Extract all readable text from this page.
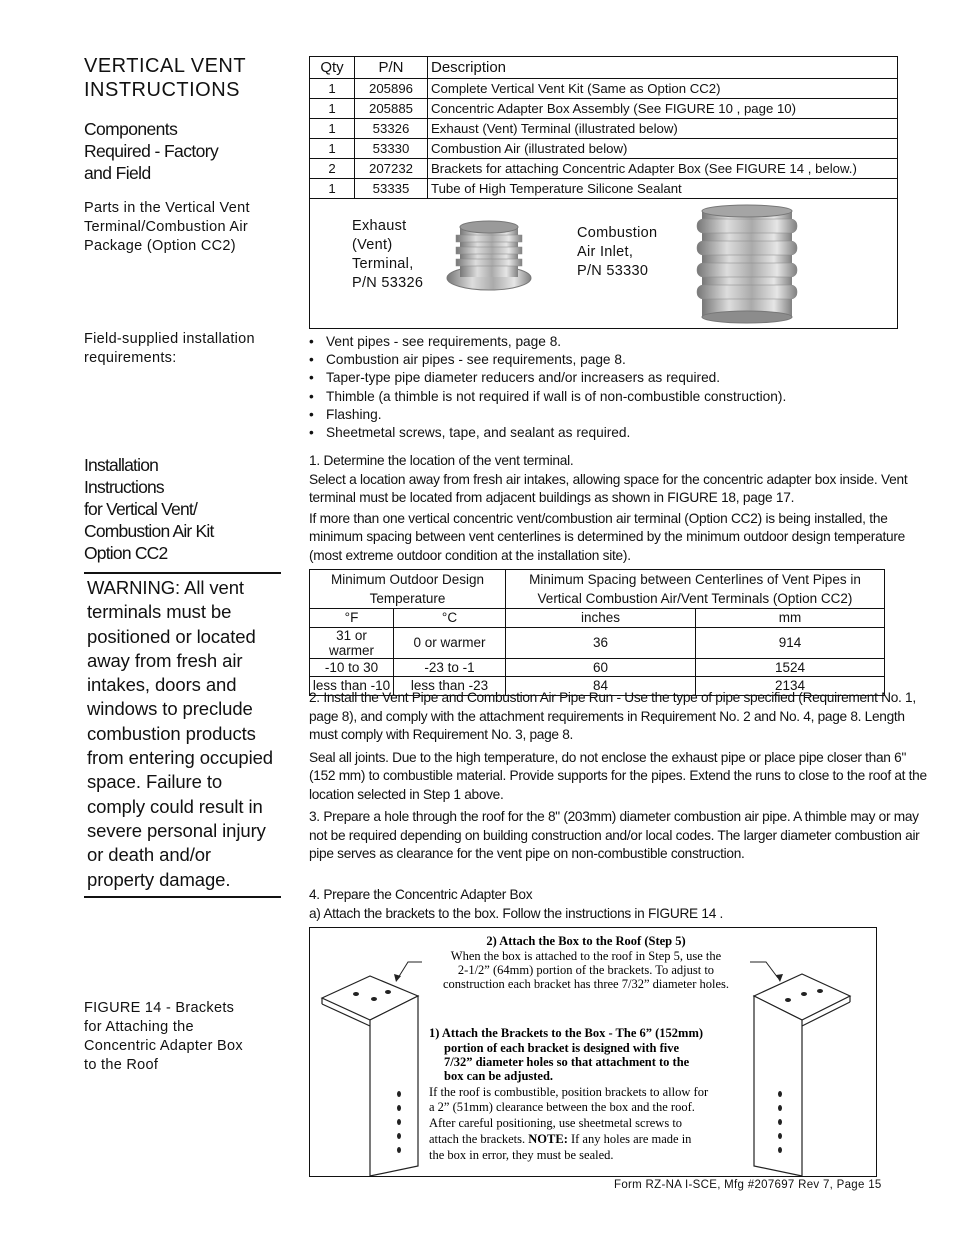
VERTICAL VENT
INSTRUCTIONS
Components
Required - Factory
and Field
Parts in the Vertical Vent
Terminal/Combustion Air
Package (Option CC2)
Field-supplied installation
requirements:
Installation
Instructions
for Vertical Vent/
Combustion Air Kit
Option CC2
WARNING: All vent terminals must be positioned or located away from fresh air intakes, doors and windows to preclude combustion products from entering occupied space. Failure to comply could result in severe personal injury or death and/or property damage.
FIGURE 14 - Brackets
for Attaching the
Concentric Adapter Box
to the Roof
Qty	P/N	Description
1	205896	Complete Vertical Vent Kit (Same as Option CC2)
1	205885	Concentric Adapter Box Assembly (See FIGURE 10 , page 10)
1	53326	Exhaust (Vent) Terminal (illustrated below)
1	53330	Combustion Air (illustrated below)
2	207232	Brackets for attaching Concentric Adapter Box (See FIGURE 14 , below.)
1	53335	Tube of High Temperature Silicone Sealant
Exhaust
(Vent)
Terminal,
P/N 53326
Combustion
Air Inlet,
P/N 53330
• Vent pipes - see requirements, page 8.
• Combustion air pipes - see requirements, page 8.
• Taper-type pipe diameter reducers and/or increasers as required.
• Thimble (a thimble is not required if wall is of non-combustible construction).
• Flashing.
• Sheetmetal screws, tape, and sealant as required.
1. Determine the location of the vent terminal.
Select a location away from fresh air intakes, allowing space for the concentric adapter box inside. Vent terminal must be located from adjacent buildings as shown in FIGURE 18, page 17.
If more than one vertical concentric vent/combustion air terminal (Option CC2) is being installed, the minimum spacing between vent centerlines is determined by the minimum outdoor design temperature (most extreme outdoor condition at the installation site).
Minimum Outdoor Design Temperature		Minimum Spacing between Centerlines of Vent Pipes in Vertical Combustion Air/Vent Terminals (Option CC2)	
°F	°C	inches	mm
31 or warmer	0 or warmer	36	914
-10 to 30	-23 to -1	60	1524
less than -10	less than -23	84	2134
2. Install the Vent Pipe and Combustion Air Pipe Run - Use the type of pipe specified (Requirement No. 1, page 8), and comply with the attachment requirements in Requirement No. 2 and No. 4, page 8. Length must comply with Requirement No. 3, page 8.
Seal all joints. Due to the high temperature, do not enclose the exhaust pipe or place pipe closer than 6" (152 mm) to combustible material. Provide supports for the pipes. Extend the runs to close to the roof at the location selected in Step 1 above.
3. Prepare a hole through the roof for the 8" (203mm) diameter combustion air pipe. A thimble may or may not be required depending on building construction and/or local codes. The larger diameter combustion air pipe serves as clearance for the vent pipe on non-combustible construction.
4. Prepare the Concentric Adapter Box
a) Attach the brackets to the box. Follow the instructions in FIGURE 14 .
2) Attach the Box to the Roof (Step 5)
When the box is attached to the roof in Step 5, use the
2-1/2” (64mm) portion of the brackets. To adjust to
construction each bracket has three 7/32” diameter holes.
1) Attach the Brackets to the Box - The 6” (152mm)
portion of each bracket is designed with five
7/32” diameter holes so that attachment to the
box can be adjusted.
If the roof is combustible, position brackets to allow for
a 2” (51mm) clearance between the box and the roof.
After careful positioning, use sheetmetal screws to
attach the brackets. NOTE: If any holes are made in
the box in error, they must be sealed.
Form RZ-NA I-SCE, Mfg #207697 Rev 7, Page 15
